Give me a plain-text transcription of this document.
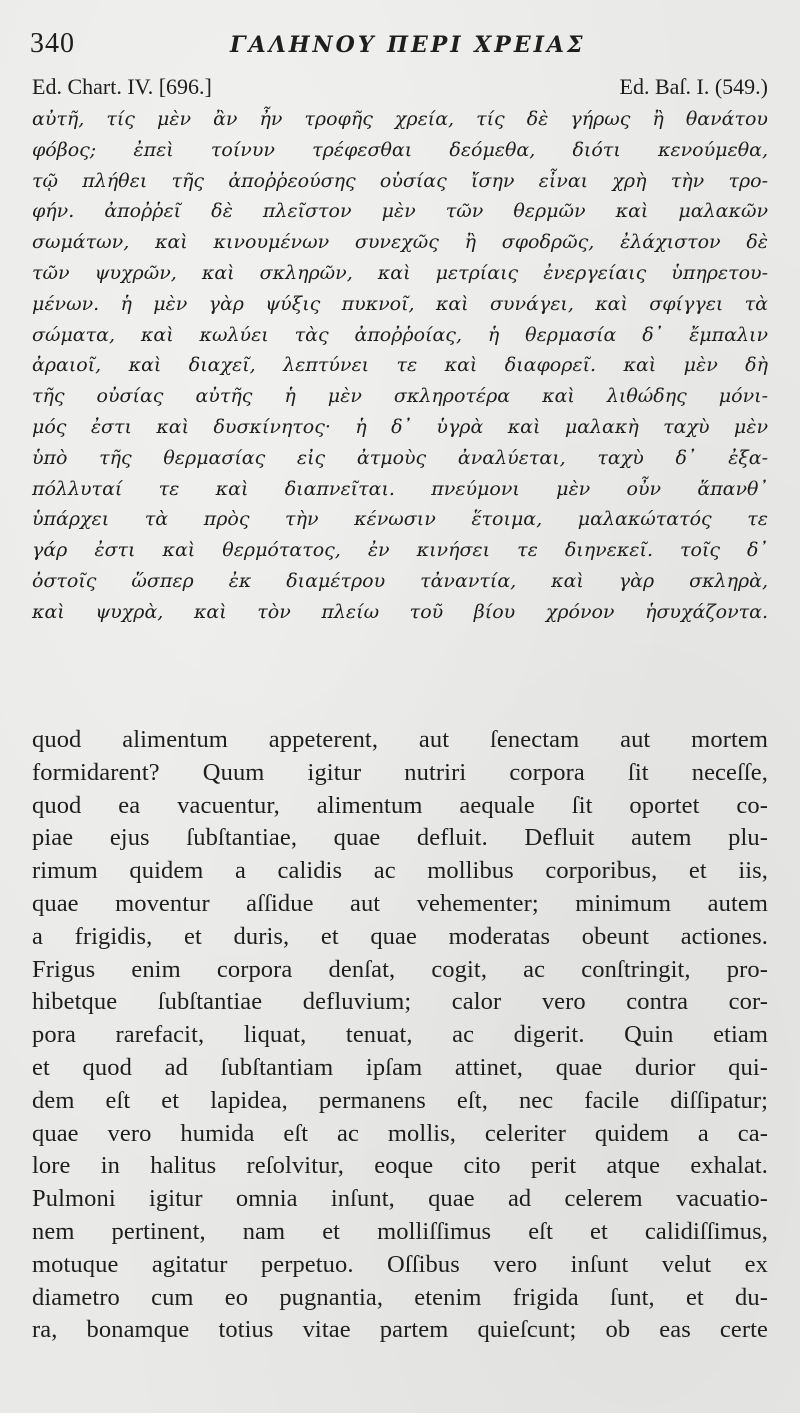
340	ΓΑΛΗΝΟΥ ΠΕΡΙ ΧΡΕΙΑΣ
Ed. Chart. IV. [696.]	Ed. Baſ. I. (549.)
αὐτῆ, τίς μὲν ἂν ἦν τροφῆς χρεία, τίς δὲ γήρως ἢ θανάτου
φόβος; ἐπεὶ τοίνυν τρέφεσθαι δεόμεθα, διότι κενούμεθα,
τῷ πλήθει τῆς ἀποῤῥεούσης οὐσίας ἴσην εἶναι χρὴ τὴν τρο-
φήν. ἀποῤῥεῖ δὲ πλεῖστον μὲν τῶν θερμῶν καὶ μαλακῶν
σωμάτων, καὶ κινουμένων συνεχῶς ἢ σφοδρῶς, ἐλάχιστον δὲ
τῶν ψυχρῶν, καὶ σκληρῶν, καὶ μετρίαις ἐνεργείαις ὑπηρετου-
μένων. ἡ μὲν γὰρ ψύξις πυκνοῖ, καὶ συνάγει, καὶ σφίγγει τὰ
σώματα, καὶ κωλύει τὰς ἀποῤῥοίας, ἡ θερμασία δ᾽ ἔμπαλιν
ἀραιοῖ, καὶ διαχεῖ, λεπτύνει τε καὶ διαφορεῖ. καὶ μὲν δὴ
τῆς οὐσίας αὐτῆς ἡ μὲν σκληροτέρα καὶ λιθώδης μόνι-
μός ἐστι καὶ δυσκίνητος· ἡ δ᾽ ὑγρὰ καὶ μαλακὴ ταχὺ μὲν
ὑπὸ τῆς θερμασίας εἰς ἀτμοὺς ἀναλύεται, ταχὺ δ᾽ ἐξα-
πόλλυταί τε καὶ διαπνεῖται. πνεύμονι μὲν οὖν ἅπανθ᾽
ὑπάρχει τὰ πρὸς τὴν κένωσιν ἕτοιμα, μαλακώτατός τε
γάρ ἐστι καὶ θερμότατος, ἐν κινήσει τε διηνεκεῖ. τοῖς δ᾽
ὀστοῖς ὥσπερ ἐκ διαμέτρου τἀναντία, καὶ γὰρ σκληρὰ,
καὶ ψυχρὰ, καὶ τὸν πλείω τοῦ βίου χρόνον ἡσυχάζοντα.
quod alimentum appeterent, aut ſenectam aut mortem
formidarent? Quum igitur nutriri corpora ſit neceſſe,
quod ea vacuentur, alimentum aequale ſit oportet co-
piae ejus ſubſtantiae, quae defluit. Defluit autem plu-
rimum quidem a calidis ac mollibus corporibus, et iis,
quae moventur aſſidue aut vehementer; minimum autem
a frigidis, et duris, et quae moderatas obeunt actiones.
Frigus enim corpora denſat, cogit, ac conſtringit, pro-
hibetque ſubſtantiae defluvium; calor vero contra cor-
pora rarefacit, liquat, tenuat, ac digerit. Quin etiam
et quod ad ſubſtantiam ipſam attinet, quae durior qui-
dem eſt et lapidea, permanens eſt, nec facile diſſipatur;
quae vero humida eſt ac mollis, celeriter quidem a ca-
lore in halitus reſolvitur, eoque cito perit atque exhalat.
Pulmoni igitur omnia inſunt, quae ad celerem vacuatio-
nem pertinent, nam et molliſſimus eſt et calidiſſimus,
motuque agitatur perpetuo. Oſſibus vero inſunt velut ex
diametro cum eo pugnantia, etenim frigida ſunt, et du-
ra, bonamque totius vitae partem quieſcunt; ob eas certe
